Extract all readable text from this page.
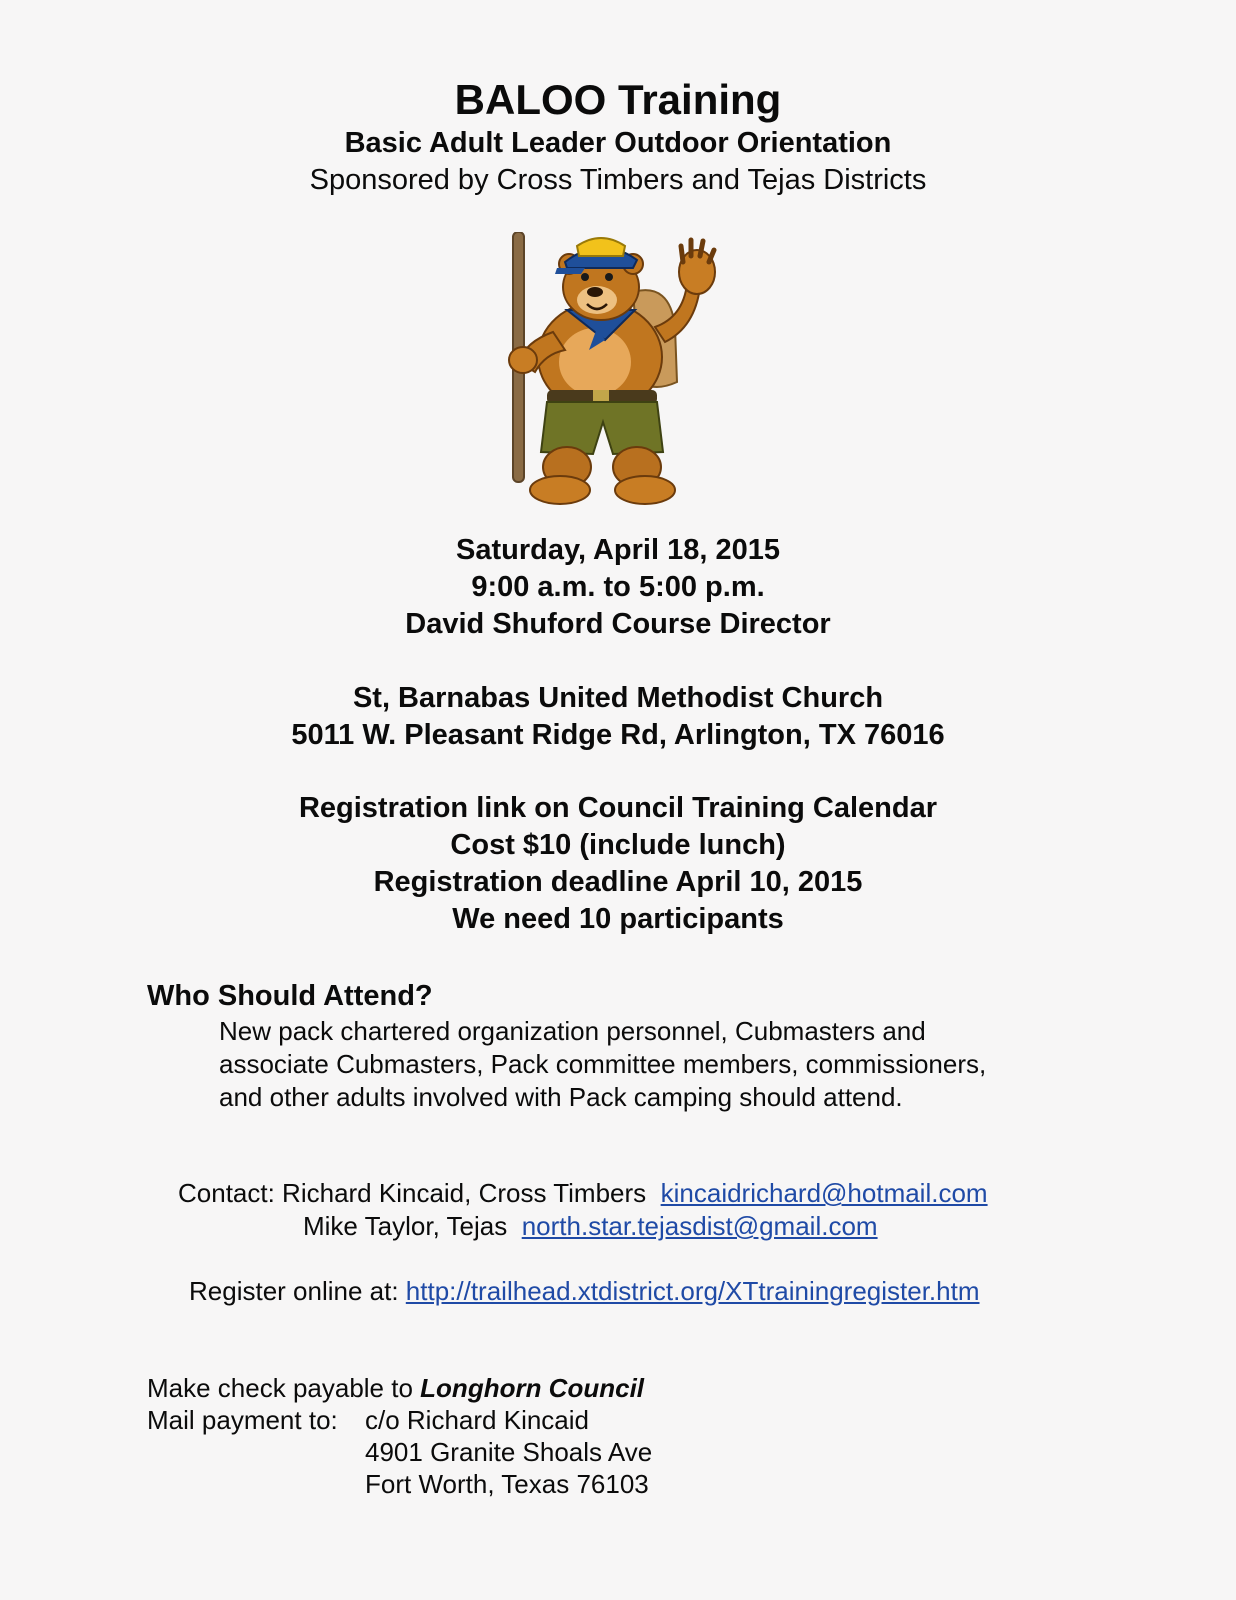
BALOO Training
Basic Adult Leader Outdoor Orientation
Sponsored by Cross Timbers and Tejas Districts
Saturday, April 18, 2015
9:00 a.m. to 5:00 p.m.
David Shuford Course Director
St, Barnabas United Methodist Church
5011 W. Pleasant Ridge Rd, Arlington, TX 76016
Registration link on Council Training Calendar
Cost $10 (include lunch)
Registration deadline April 10, 2015
We need 10 participants
Who Should Attend?
New pack chartered organization personnel, Cubmasters and
associate Cubmasters, Pack committee members, commissioners,
and other adults involved with Pack camping should attend.
Contact: Richard Kincaid, Cross Timbers kincaidrichard@hotmail.com
Mike Taylor, Tejas north.star.tejasdist@gmail.com
Register online at: http://trailhead.xtdistrict.org/XTtrainingregister.htm
Make check payable to Longhorn Council
Mail payment to: c/o Richard Kincaid
4901 Granite Shoals Ave
Fort Worth, Texas 76103
